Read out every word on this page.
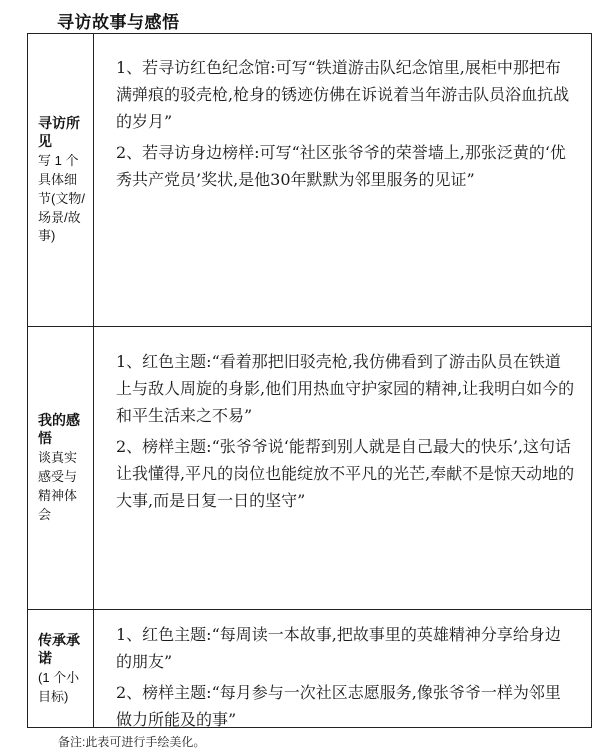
寻访故事与感悟
寻访所见
写 1 个具体细节(文物/场景/故事)

1、若寻访红色纪念馆:可写“铁道游击队纪念馆里,展柜中那把布满弹痕的驳壳枪,枪身的锈迹仿佛在诉说着当年游击队员浴血抗战的岁月”

2、若寻访身边榜样:可写“社区张爷爷的荣誉墙上,那张泛黄的‘优秀共产党员’奖状,是他30年默默为邻里服务的见证”

我的感悟
谈真实感受与精神体会

1、红色主题:“看着那把旧驳壳枪,我仿佛看到了游击队员在铁道上与敌人周旋的身影,他们用热血守护家园的精神,让我明白如今的和平生活来之不易”

2、榜样主题:“张爷爷说‘能帮到别人就是自己最大的快乐’,这句话让我懂得,平凡的岗位也能绽放不平凡的光芒,奉献不是惊天动地的大事,而是日复一日的坚守”

传承承诺
(1 个小目标)

1、红色主题:“每周读一本故事,把故事里的英雄精神分享给身边的朋友”

2、榜样主题:“每月参与一次社区志愿服务,像张爷爷一样为邻里做力所能及的事”

备注:此表可进行手绘美化。
